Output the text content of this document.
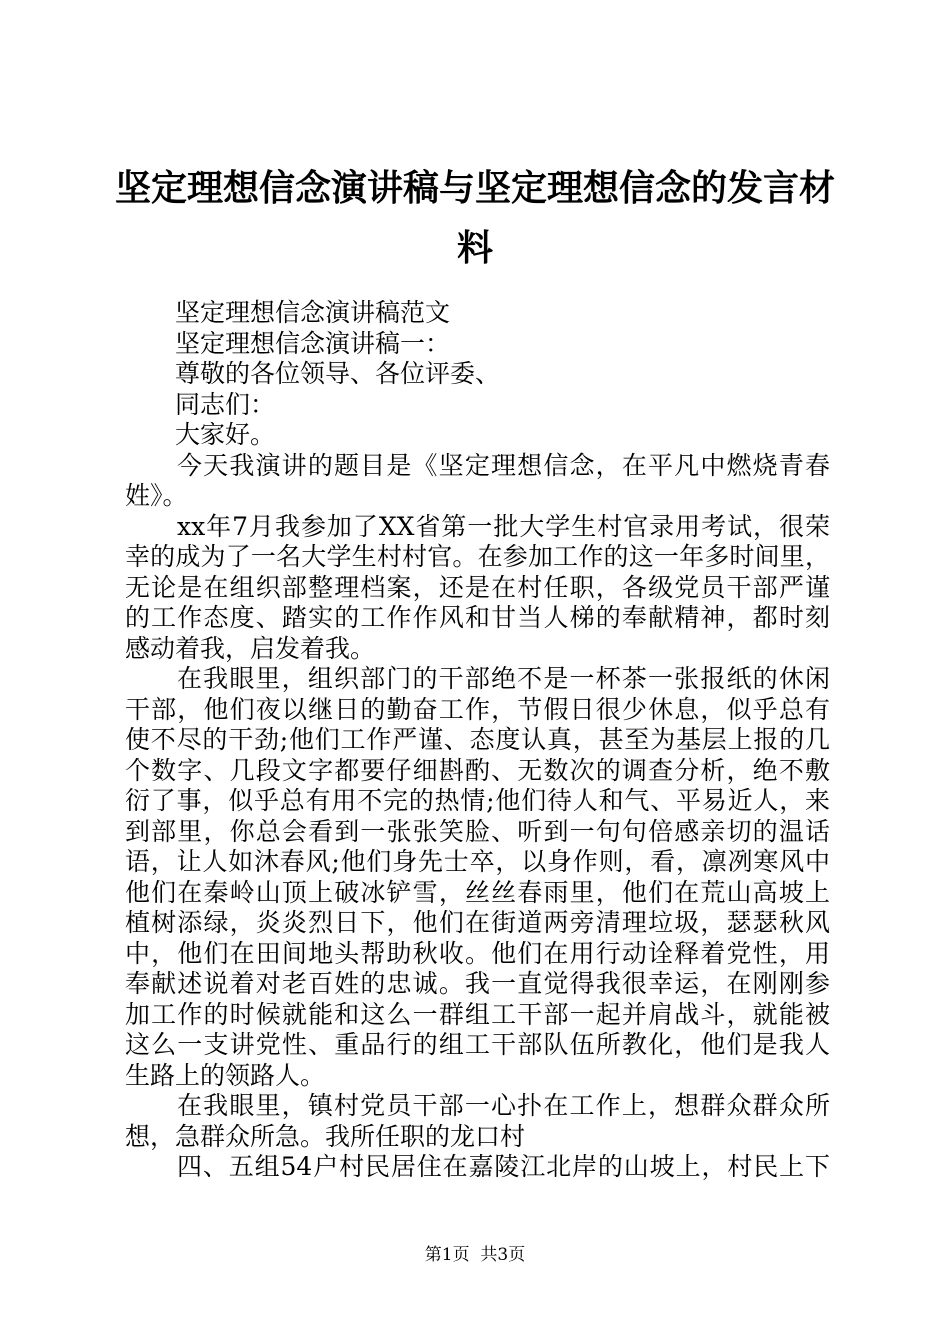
坚定理想信念演讲稿与坚定理想信念的发言材
料

坚定理想信念演讲稿范文

坚定理想信念演讲稿一：

尊敬的各位领导、各位评委、

同志们：

大家好。

今天我演讲的题目是《坚定理想信念，在平凡中燃烧青春

姓》。

xx年7月我参加了XX省第一批大学生村官录用考试，很荣

幸的成为了一名大学生村村官。在参加工作的这一年多时间里，

无论是在组织部整理档案，还是在村任职，各级党员干部严谨

的工作态度、踏实的工作作风和甘当人梯的奉献精神，都时刻

感动着我，启发着我。

在我眼里，组织部门的干部绝不是一杯茶一张报纸的休闲

干部，他们夜以继日的勤奋工作，节假日很少休息，似乎总有

使不尽的干劲;他们工作严谨、态度认真，甚至为基层上报的几

个数字、几段文字都要仔细斟酌、无数次的调查分析，绝不敷

衍了事，似乎总有用不完的热情;他们待人和气、平易近人，来

到部里，你总会看到一张张笑脸、听到一句句倍感亲切的温话

语，让人如沐春风;他们身先士卒，以身作则，看，凛冽寒风中

他们在秦岭山顶上破冰铲雪，丝丝春雨里，他们在荒山高坡上

植树添绿，炎炎烈日下，他们在街道两旁清理垃圾，瑟瑟秋风

中，他们在田间地头帮助秋收。他们在用行动诠释着党性，用

奉献述说着对老百姓的忠诚。我一直觉得我很幸运，在刚刚参

加工作的时候就能和这么一群组工干部一起并肩战斗，就能被

这么一支讲党性、重品行的组工干部队伍所教化，他们是我人

生路上的领路人。

在我眼里，镇村党员干部一心扑在工作上，想群众群众所

想，急群众所急。我所任职的龙口村

四、五组54户村民居住在嘉陵江北岸的山坡上，村民上下

第1页 共3页
